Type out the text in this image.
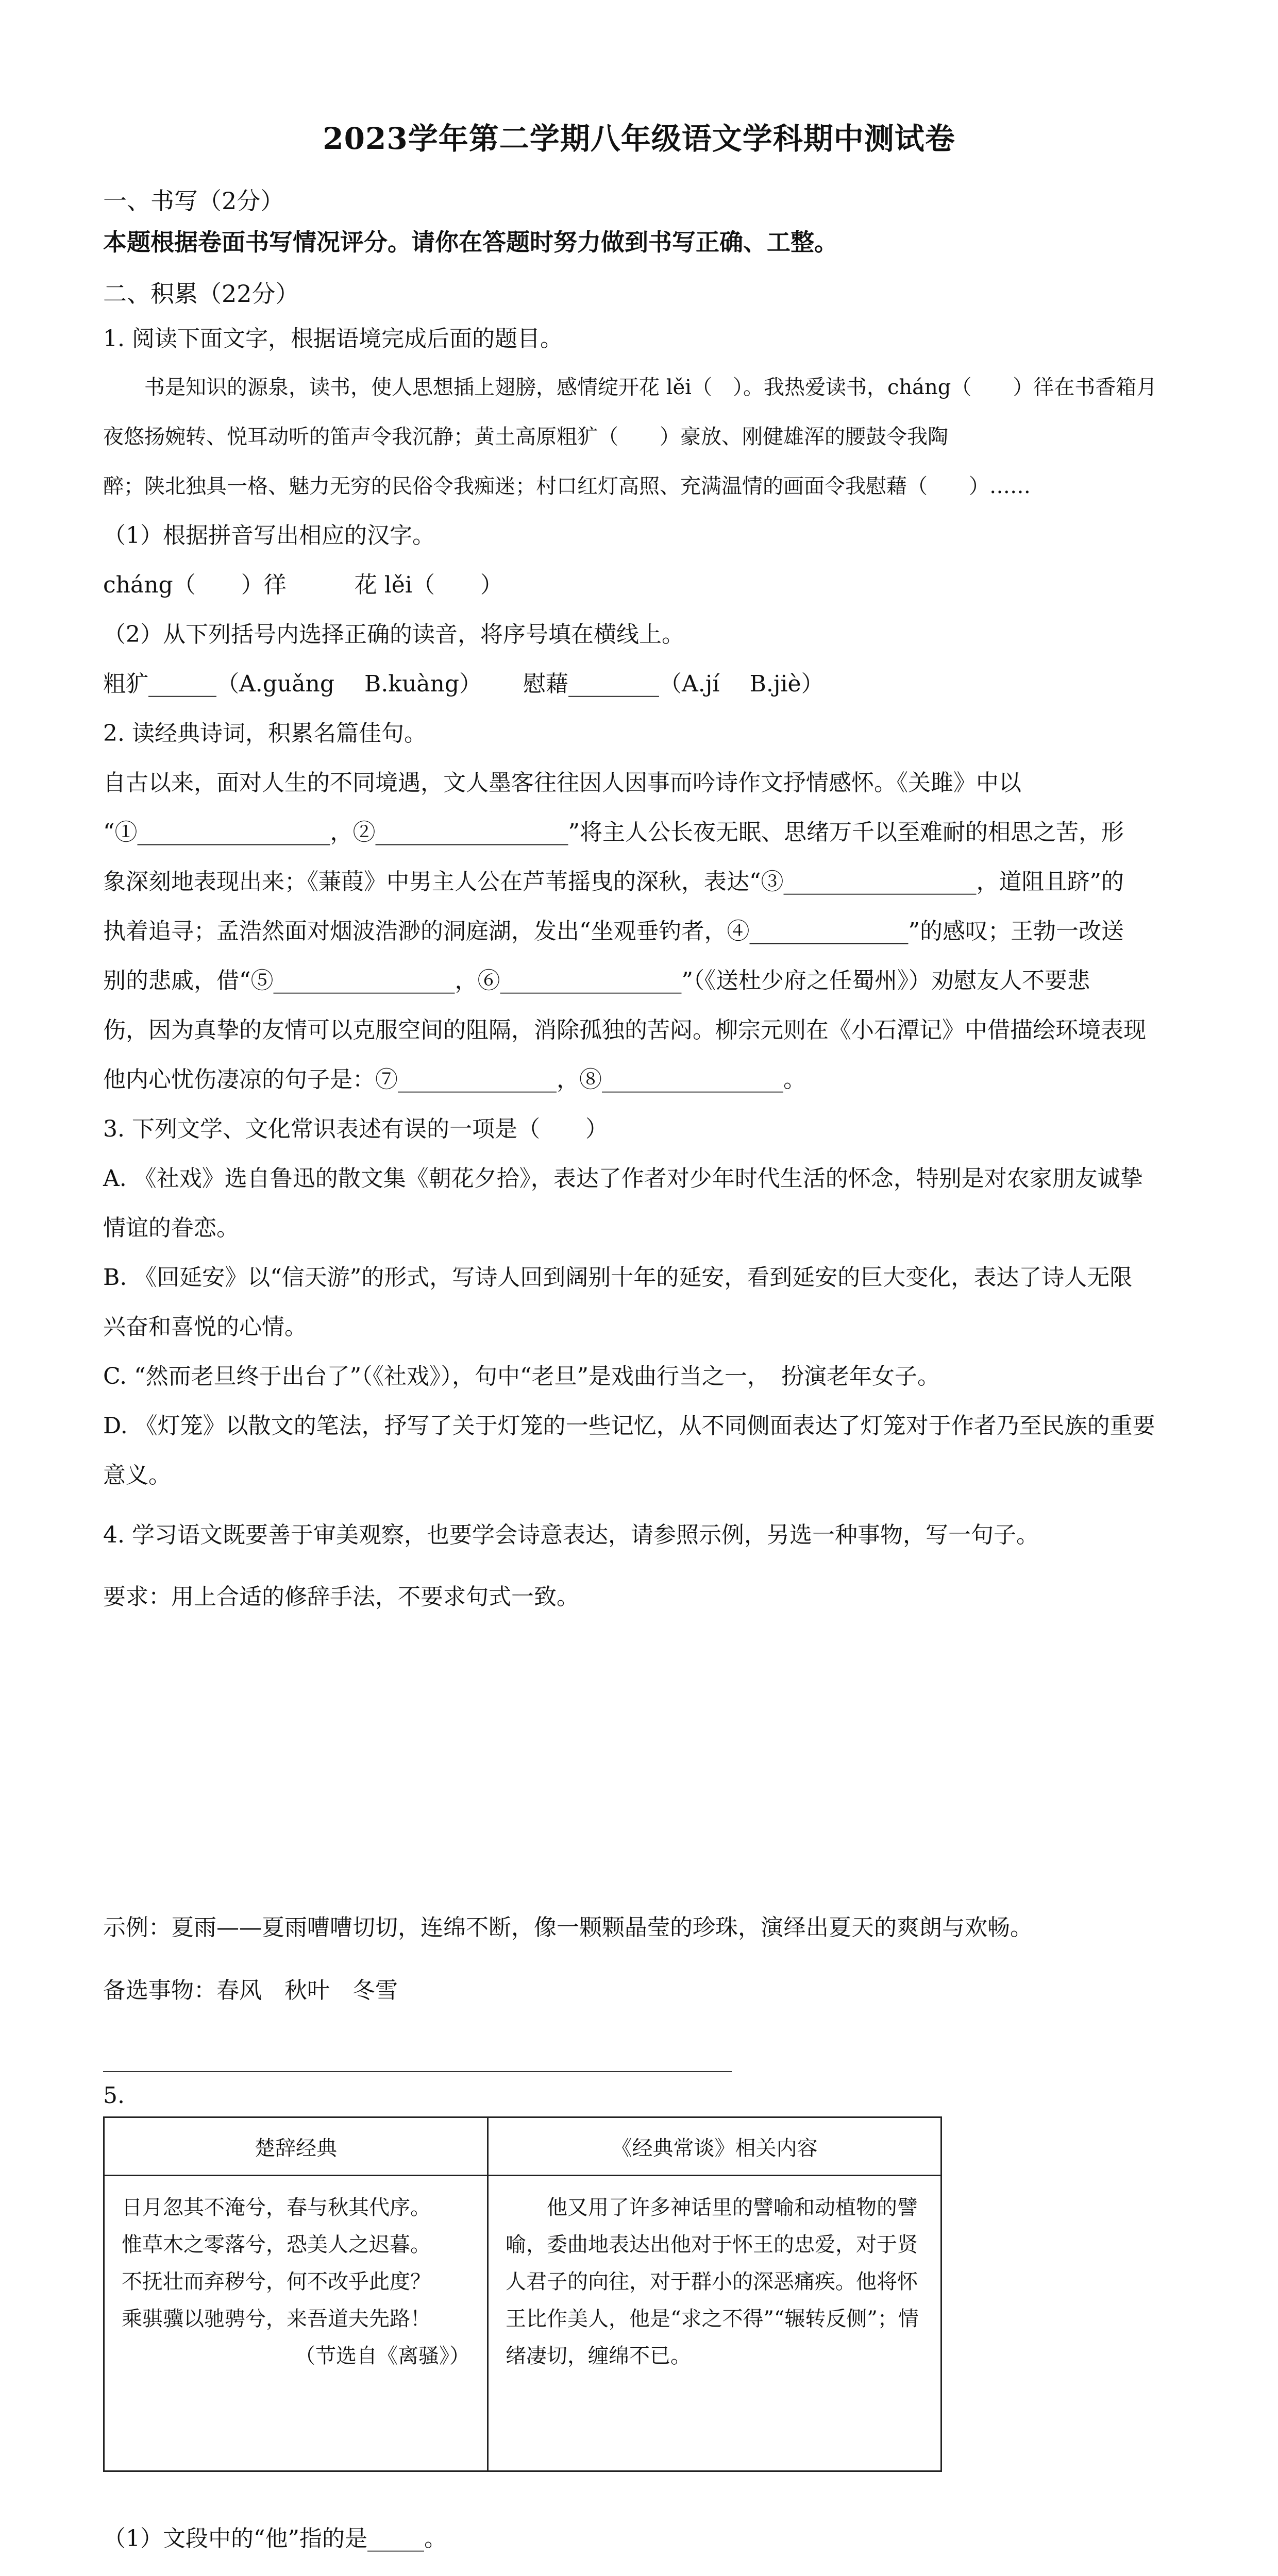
2023学年第二学期八年级语文学科期中测试卷
一、书写（2分）
本题根据卷面书写情况评分。请你在答题时努力做到书写正确、工整。
二、积累（22分）
1. 阅读下面文字，根据语境完成后面的题目。
书是知识的源泉，读书，使人思想插上翅膀，感情绽开花 lěi（　）。我热爱读书，cháng（　　）徉在书香箱月夜悠扬婉转、悦耳动听的笛声令我沉静；黄土高原粗犷（　　）豪放、刚健雄浑的腰鼓令我陶
醉；陕北独具一格、魅力无穷的民俗令我痴迷；村口红灯高照、充满温情的画面令我慰藉（　　）……
（1）根据拼音写出相应的汉字。
cháng（　　）徉　　　花 lěi（　　）
（2）从下列括号内选择正确的读音，将序号填在横线上。
粗犷______（A.guǎng　 B.kuàng）　　 慰藉________（A.jí　 B.jiè）
2. 读经典诗词，积累名篇佳句。
自古以来，面对人生的不同境遇，文人墨客往往因人因事而吟诗作文抒情感怀。《关雎》中以
“①_________________，②_________________”将主人公长夜无眠、思绪万千以至难耐的相思之苦，形
象深刻地表现出来；《蒹葭》中男主人公在芦苇摇曳的深秋，表达“③_________________，道阻且跻”的
执着追寻；孟浩然面对烟波浩渺的洞庭湖，发出“坐观垂钓者，④______________”的感叹；王勃一改送
别的悲戚，借“⑤________________，⑥________________”（《送杜少府之任蜀州》）劝慰友人不要悲
伤，因为真挚的友情可以克服空间的阻隔，消除孤独的苦闷。柳宗元则在《小石潭记》中借描绘环境表现
他内心忧伤凄凉的句子是：⑦______________，⑧________________。
3. 下列文学、文化常识表述有误的一项是（　　）
A. 《社戏》选自鲁迅的散文集《朝花夕拾》，表达了作者对少年时代生活的怀念，特别是对农家朋友诚挚
情谊的眷恋。
B. 《回延安》以“信天游”的形式，写诗人回到阔别十年的延安，看到延安的巨大变化，表达了诗人无限
兴奋和喜悦的心情。
C. “然而老旦终于出台了”（《社戏》），句中“老旦”是戏曲行当之一，　扮演老年女子。
D. 《灯笼》以散文的笔法，抒写了关于灯笼的一些记忆，从不同侧面表达了灯笼对于作者乃至民族的重要
意义。
4. 学习语文既要善于审美观察，也要学会诗意表达，请参照示例，另选一种事物，写一句子。
要求：用上合适的修辞手法，不要求句式一致。
示例：夏雨——夏雨嘈嘈切切，连绵不断，像一颗颗晶莹的珍珠，演绎出夏天的爽朗与欢畅。
备选事物：春风　秋叶　冬雪
5.
楚辞经典	《经典常谈》相关内容

日月忽其不淹兮，春与秋其代序。
惟草木之零落兮，恐美人之迟暮。
不抚壮而弃秽兮，何不改乎此度？
乘骐骥以驰骋兮，来吾道夫先路！
（节选自《离骚》）	　　他又用了许多神话里的譬喻和动植物的譬喻，委曲地表达出他对于怀王的忠爱，对于贤人君子的向往，对于群小的深恶痛疾。他将怀王比作美人，他是“求之不得”“辗转反侧”；情绪凄切，缠绵不已。
（1）文段中的“他”指的是_____。
